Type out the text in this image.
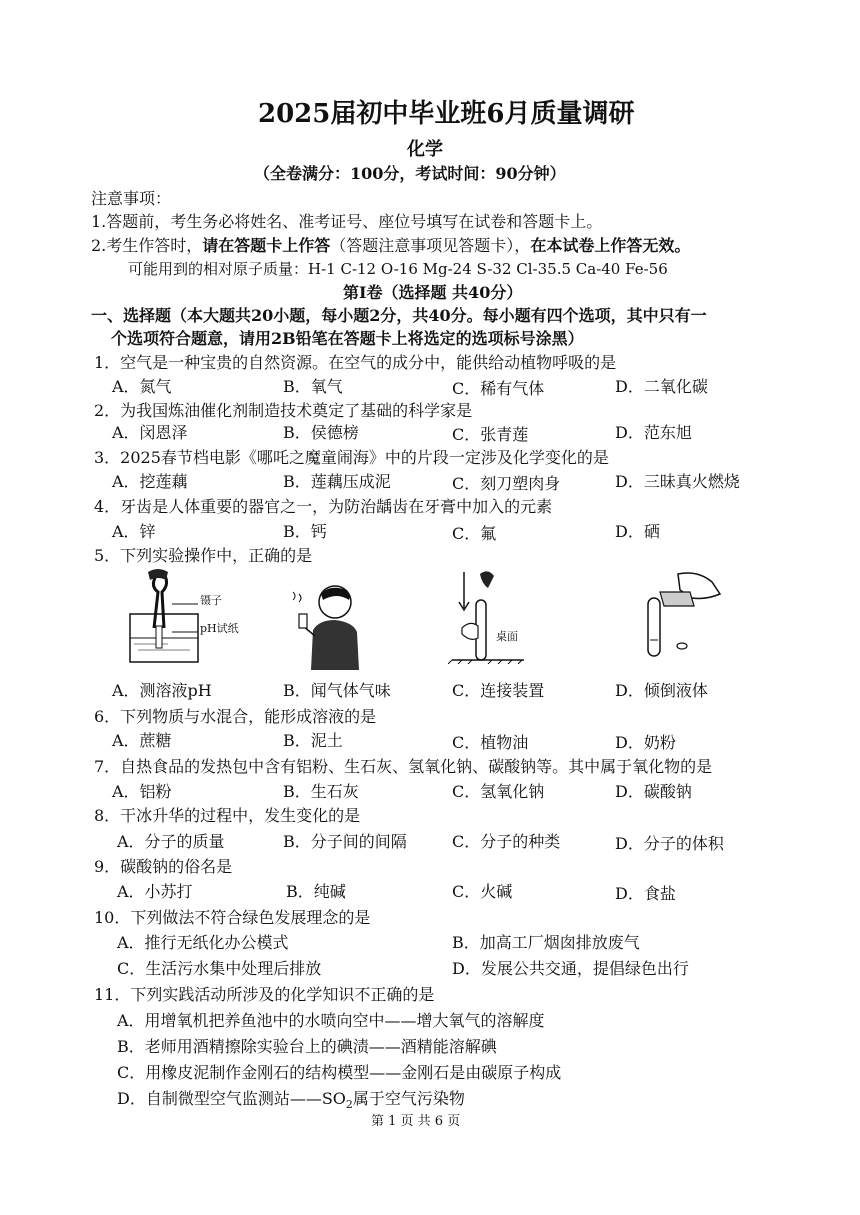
2025届初中毕业班6月质量调研
化学
（全卷满分：100分，考试时间：90分钟）
注意事项：
1.答题前，考生务必将姓名、准考证号、座位号填写在试卷和答题卡上。
2.考生作答时，请在答题卡上作答（答题注意事项见答题卡），在本试卷上作答无效。
可能用到的相对原子质量：H-1 C-12 O-16 Mg-24 S-32 Cl-35.5 Ca-40 Fe-56
第Ⅰ卷（选择题 共40分）
一、选择题（本大题共20小题，每小题2分，共40分。每小题有四个选项，其中只有一
个选项符合题意，请用2B铅笔在答题卡上将选定的选项标号涂黑）
1．空气是一种宝贵的自然资源。在空气的成分中，能供给动植物呼吸的是
A．氮气	B．氧气	C．稀有气体	D．二氧化碳
2．为我国炼油催化剂制造技术奠定了基础的科学家是
A．闵恩泽	B．侯德榜	C．张青莲	D．范东旭
3．2025春节档电影《哪吒之魔童闹海》中的片段一定涉及化学变化的是
A．挖莲藕	B．莲藕压成泥	C．刻刀塑肉身	D．三昧真火燃烧
4．牙齿是人体重要的器官之一，为防治龋齿在牙膏中加入的元素
A．锌	B．钙	C．氟	D．硒
5．下列实验操作中，正确的是
镊子
pH试纸
桌面
A．测溶液pH	B．闻气体气味	C．连接装置	D．倾倒液体
6．下列物质与水混合，能形成溶液的是
A．蔗糖	B．泥土	C．植物油	D．奶粉
7．自热食品的发热包中含有铝粉、生石灰、氢氧化钠、碳酸钠等。其中属于氧化物的是
A．铝粉	B．生石灰	C．氢氧化钠	D．碳酸钠
8．干冰升华的过程中，发生变化的是
A．分子的质量	B．分子间的间隔	C．分子的种类	D．分子的体积
9．碳酸钠的俗名是
A．小苏打	B．纯碱	C．火碱	D．食盐
10．下列做法不符合绿色发展理念的是
A．推行无纸化办公模式	B．加高工厂烟囱排放废气
C．生活污水集中处理后排放	D．发展公共交通，提倡绿色出行
11．下列实践活动所涉及的化学知识不正确的是
A．用增氧机把养鱼池中的水喷向空中——增大氧气的溶解度
B．老师用酒精擦除实验台上的碘渍——酒精能溶解碘
C．用橡皮泥制作金刚石的结构模型——金刚石是由碳原子构成
D．自制微型空气监测站$——SO_2$属于空气污染物
第 1 页 共 6 页
